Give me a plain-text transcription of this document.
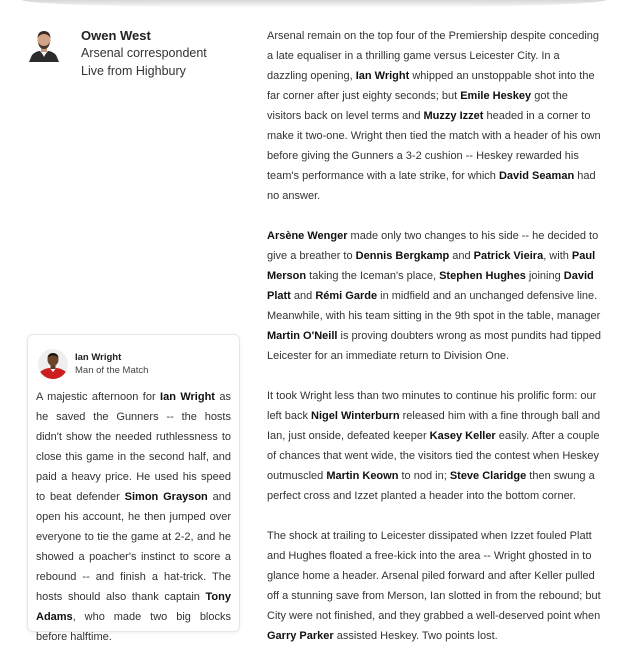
Owen West
Arsenal correspondent
Live from Highbury

Arsenal remain on the top four of the Premiership despite conceding a late equaliser in a thrilling game versus Leicester City. In a dazzling opening, Ian Wright whipped an unstoppable shot into the far corner after just eighty seconds; but Emile Heskey got the visitors back on level terms and Muzzy Izzet headed in a corner to make it two-one. Wright then tied the match with a header of his own before giving the Gunners a 3-2 cushion -- Heskey rewarded his team's performance with a late strike, for which David Seaman had no answer.

Arsène Wenger made only two changes to his side -- he decided to give a breather to Dennis Bergkamp and Patrick Vieira, with Paul Merson taking the Iceman's place, Stephen Hughes joining David Platt and Rémi Garde in midfield and an unchanged defensive line. Meanwhile, with his team sitting in the 9th spot in the table, manager Martin O'Neill is proving doubters wrong as most pundits had tipped Leicester for an immediate return to Division One.

It took Wright less than two minutes to continue his prolific form: our left back Nigel Winterburn released him with a fine through ball and Ian, just onside, defeated keeper Kasey Keller easily. After a couple of chances that went wide, the visitors tied the contest when Heskey outmuscled Martin Keown to nod in; Steve Claridge then swung a perfect cross and Izzet planted a header into the bottom corner.

The shock at trailing to Leicester dissipated when Izzet fouled Platt and Hughes floated a free-kick into the area -- Wright ghosted in to glance home a header. Arsenal piled forward and after Keller pulled off a stunning save from Merson, Ian slotted in from the rebound; but City were not finished, and they grabbed a well-deserved point when Garry Parker assisted Heskey. Two points lost.

Ian Wright
Man of the Match

A majestic afternoon for Ian Wright as he saved the Gunners -- the hosts didn't show the needed ruthlessness to close this game in the second half, and paid a heavy price. He used his speed to beat defender Simon Grayson and open his account, he then jumped over everyone to tie the game at 2-2, and he showed a poacher's instinct to score a rebound -- and finish a hat-trick. The hosts should also thank captain Tony Adams, who made two big blocks before halftime.
